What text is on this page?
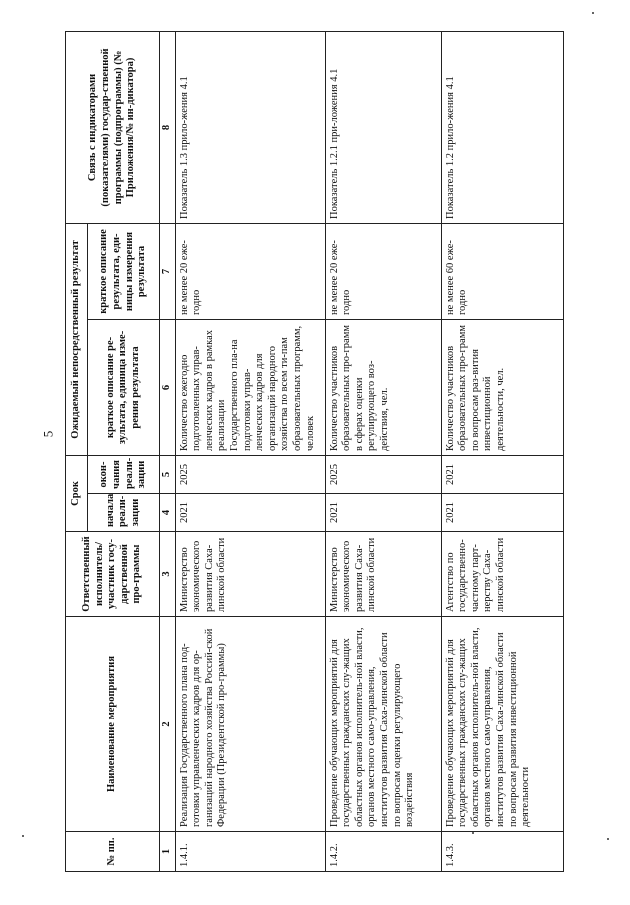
5
№ пп.	Наименование мероприятия	Ответственный исполнитель/ участник госу-дарственной про-граммы	Срок		Ожидаемый непосредственный результат		Связь с индикаторами (показателями) государ-ственной программы (подпрограммы) (№ Приложения/№ ин-дикатора)
			начала реали-зации	окон-чания реали-зации	краткое описание ре-зультата, единица изме-рения результата	краткое описание результата, еди-ницы измерения результата	
1	2	3	4	5	6	7	8
1.4.1.	Реализация Государственного плана под-готовки управленческих кадров для ор-ганизаций народного хозяйства Россий-ской Федерации (Президентской про-граммы)	Министерство экономического развития Саха-линской области	2021	2025	Количество ежегодно подготовленных управ-ленческих кадров в рамках реализации Государственного пла-на подготовки управ-ленческих кадров для организаций народного хозяйства по всем ти-пам образовательных программ, человек	не менее 20 еже-годно	Показатель 1.3 прило-жения 4.1
1.4.2.	Проведение обучающих мероприятий для государственных гражданских слу-жащих областных органов исполнитель-ной власти, органов местного само-управления, институтов развития Саха-линской области по вопросам оценки регулирующего воздействия	Министерство экономического развития Саха-линской области	2021	2025	Количество участников образовательных про-грамм в сферах оценки регулирующего воз-действия, чел.	не менее 20 еже-годно	Показатель 1.2.1 при-ложения 4.1
1.4.3.	Проведение обучающих мероприятий для государственных гражданских слу-жащих областных органов исполнитель-ной власти, органов местного само-управления, институтов развития Саха-линской области по вопросам развития инвестиционной деятельности	Агентство по государственно-частному парт-нерству Саха-линской области	2021	2021	Количество участников образовательных про-грамм по вопросам раз-вития инвестиционной деятельности, чел.	не менее 60 еже-годно	Показатель 1.2 прило-жения 4.1
